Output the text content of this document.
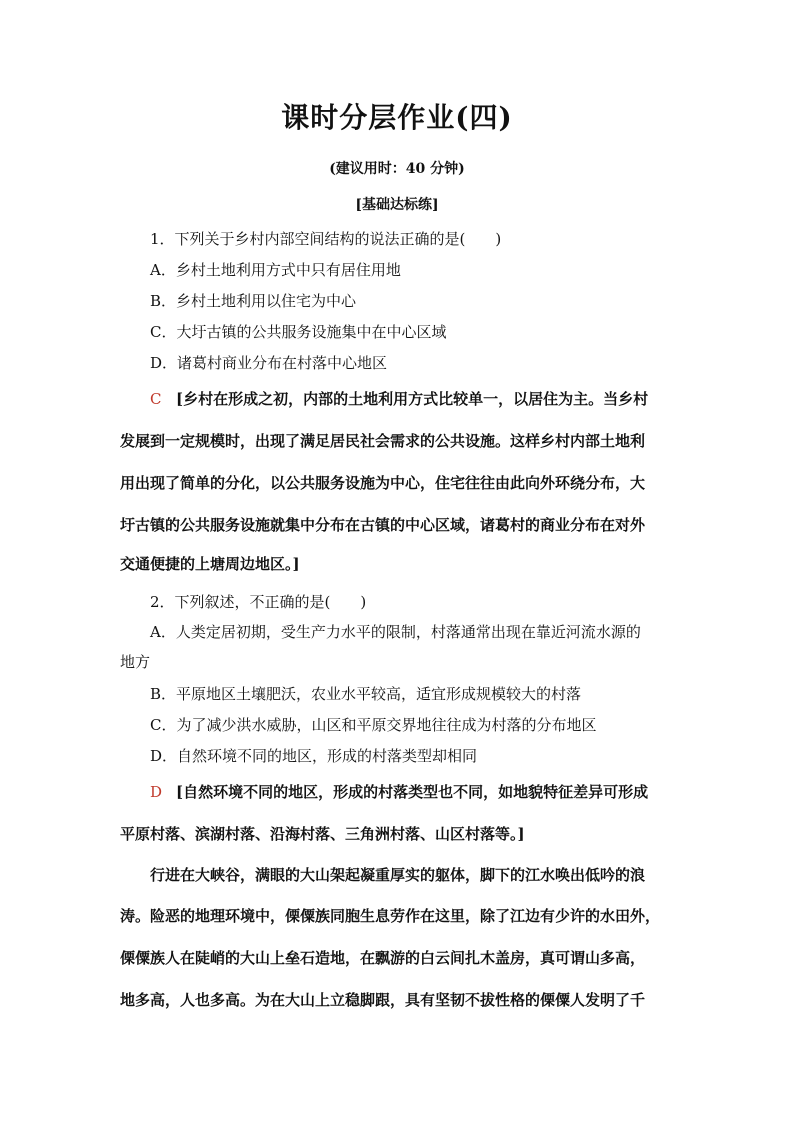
课时分层作业(四)
(建议用时：40 分钟)
[基础达标练]
1．下列关于乡村内部空间结构的说法正确的是(　　)
A．乡村土地利用方式中只有居住用地
B．乡村土地利用以住宅为中心
C．大圩古镇的公共服务设施集中在中心区域
D．诸葛村商业分布在村落中心地区
C [乡村在形成之初，内部的土地利用方式比较单一，以居住为主。当乡村
发展到一定规模时，出现了满足居民社会需求的公共设施。这样乡村内部土地利
用出现了简单的分化，以公共服务设施为中心，住宅往往由此向外环绕分布，大
圩古镇的公共服务设施就集中分布在古镇的中心区域，诸葛村的商业分布在对外
交通便捷的上塘周边地区。]
2．下列叙述，不正确的是(　　)
A．人类定居初期，受生产力水平的限制，村落通常出现在靠近河流水源的
地方
B．平原地区土壤肥沃，农业水平较高，适宜形成规模较大的村落
C．为了减少洪水威胁，山区和平原交界地往往成为村落的分布地区
D．自然环境不同的地区，形成的村落类型却相同
D [自然环境不同的地区，形成的村落类型也不同，如地貌特征差异可形成
平原村落、滨湖村落、沿海村落、三角洲村落、山区村落等。]
行进在大峡谷，满眼的大山架起凝重厚实的躯体，脚下的江水唤出低吟的浪
涛。险恶的地理环境中，傈僳族同胞生息劳作在这里，除了江边有少许的水田外，
傈僳族人在陡峭的大山上垒石造地，在飘游的白云间扎木盖房，真可谓山多高，
地多高，人也多高。为在大山上立稳脚跟，具有坚韧不拔性格的傈僳人发明了千
